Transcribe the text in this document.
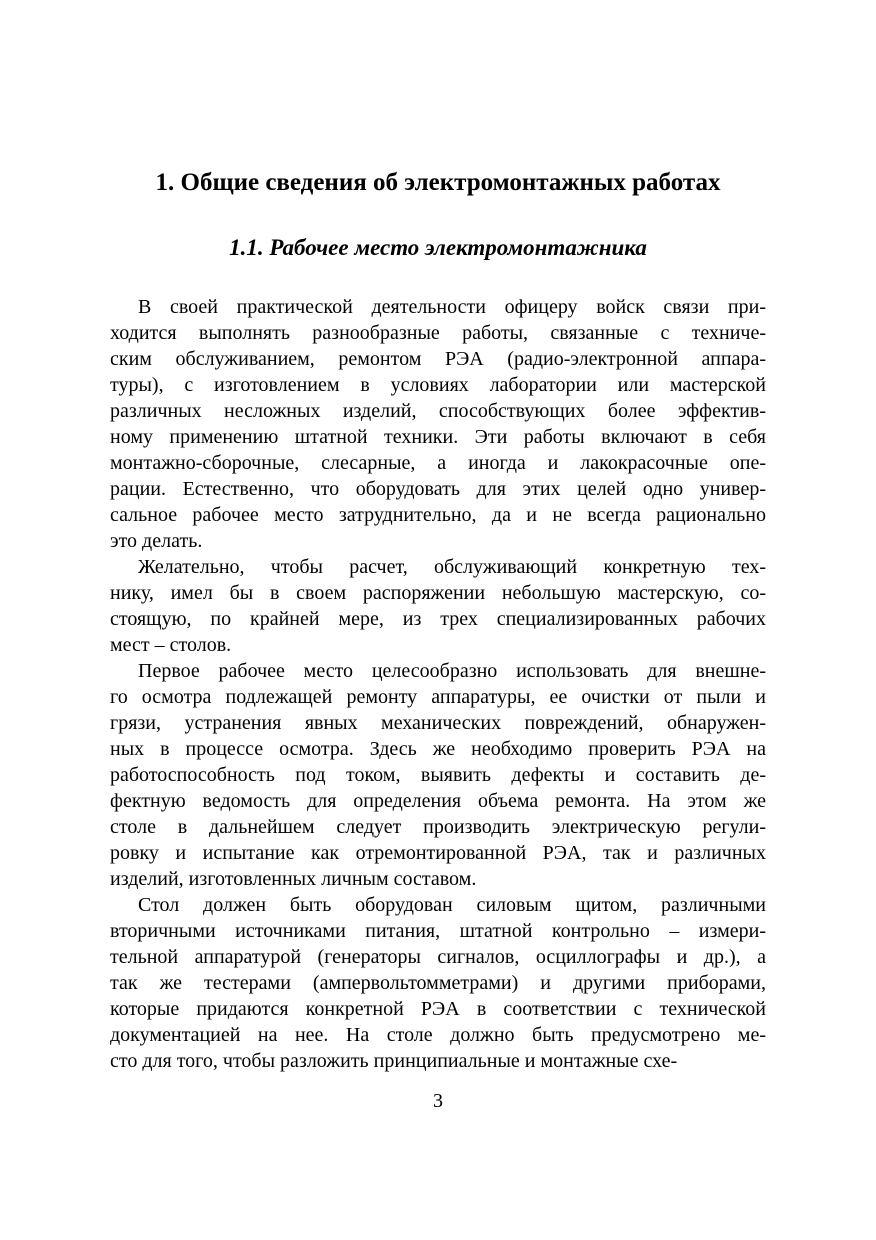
1. Общие сведения об электромонтажных работах
1.1. Рабочее место электромонтажника

В своей практической деятельности офицеру войск связи при-
ходится выполнять разнообразные работы, связанные с техниче-
ским обслуживанием, ремонтом РЭА (радио-электронной аппара-
туры), с изготовлением в условиях лаборатории или мастерской
различных несложных изделий, способствующих более эффектив-
ному применению штатной техники. Эти работы включают в себя
монтажно-сборочные, слесарные, а иногда и лакокрасочные опе-
рации. Естественно, что оборудовать для этих целей одно универ-
сальное рабочее место затруднительно, да и не всегда рационально
это делать.

Желательно, чтобы расчет, обслуживающий конкретную тех-
нику, имел бы в своем распоряжении небольшую мастерскую, со-
стоящую, по крайней мере, из трех специализированных рабочих
мест – столов.

Первое рабочее место целесообразно использовать для внешне-
го осмотра подлежащей ремонту аппаратуры, ее очистки от пыли и
грязи, устранения явных механических повреждений, обнаружен-
ных в процессе осмотра. Здесь же необходимо проверить РЭА на
работоспособность под током, выявить дефекты и составить де-
фектную ведомость для определения объема ремонта. На этом же
столе в дальнейшем следует производить электрическую регули-
ровку и испытание как отремонтированной РЭА, так и различных
изделий, изготовленных личным составом.

Стол должен быть оборудован силовым щитом, различными
вторичными источниками питания, штатной контрольно – измери-
тельной аппаратурой (генераторы сигналов, осциллографы и др.), а
так же тестерами (ампервольтомметрами) и другими приборами,
которые придаются конкретной РЭА в соответствии с технической
документацией на нее. На столе должно быть предусмотрено ме-
сто для того, чтобы разложить принципиальные и монтажные схе-

3
